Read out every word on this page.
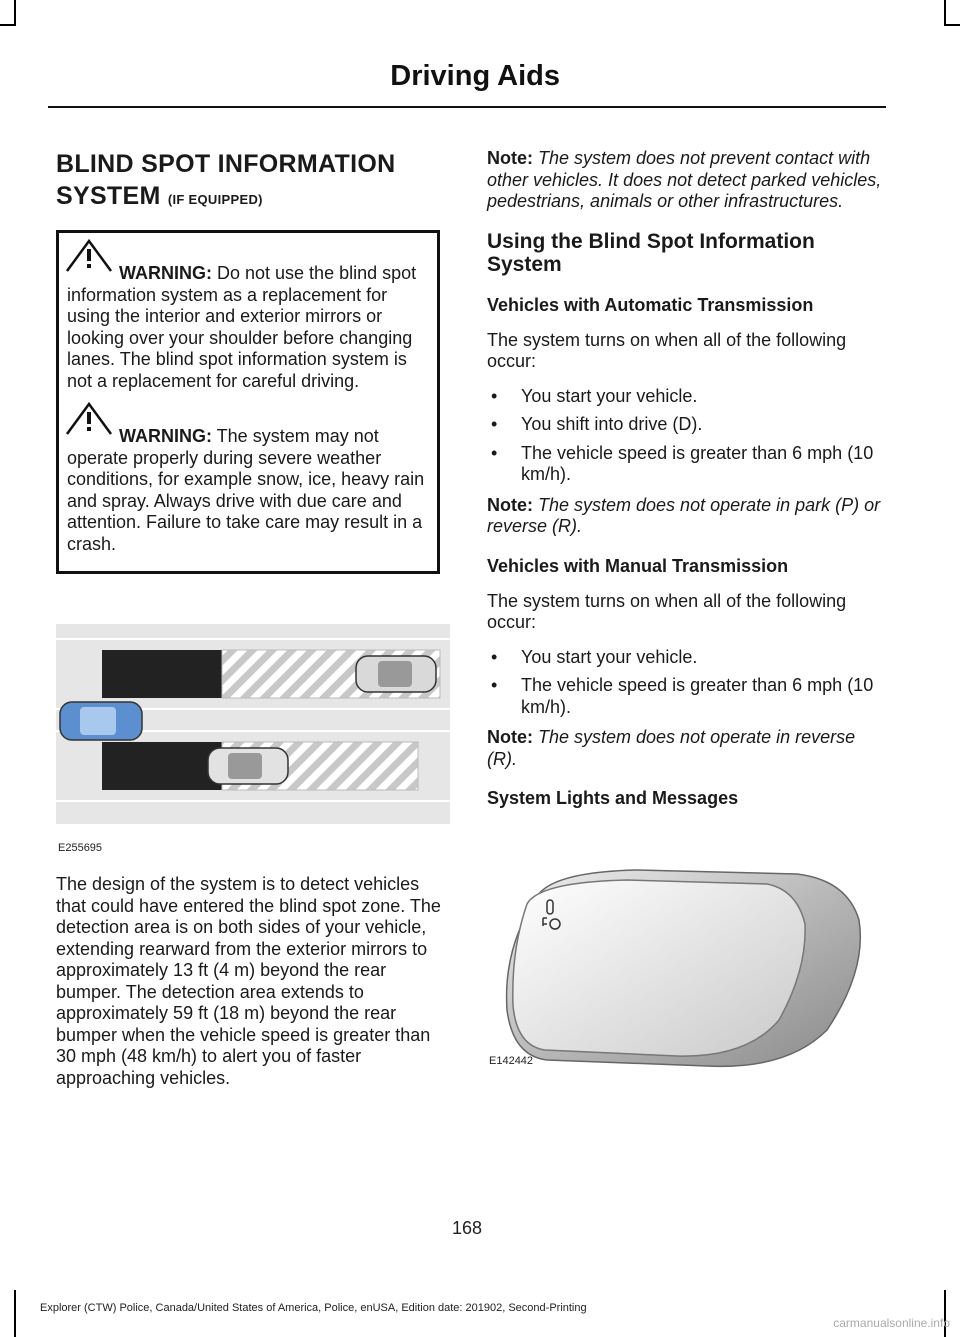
Driving Aids
BLIND SPOT INFORMATION
SYSTEM (IF EQUIPPED)

WARNING: Do not use the blind spot information system as a replacement for using the interior and exterior mirrors or looking over your shoulder before changing lanes. The blind spot information system is not a replacement for careful driving.

WARNING: The system may not operate properly during severe weather conditions, for example snow, ice, heavy rain and spray. Always drive with due care and attention. Failure to take care may result in a crash.

E255695

The design of the system is to detect vehicles that could have entered the blind spot zone. The detection area is on both sides of your vehicle, extending rearward from the exterior mirrors to approximately 13 ft (4 m) beyond the rear bumper. The detection area extends to approximately 59 ft (18 m) beyond the rear bumper when the vehicle speed is greater than 30 mph (48 km/h) to alert you of faster approaching vehicles.

Note: The system does not prevent contact with other vehicles. It does not detect parked vehicles, pedestrians, animals or other infrastructures.

Using the Blind Spot Information System
Vehicles with Automatic Transmission

The system turns on when all of the following occur:

• You start your vehicle.
• You shift into drive (D).
• The vehicle speed is greater than 6 mph (10 km/h).

Note: The system does not operate in park (P) or reverse (R).

Vehicles with Manual Transmission

The system turns on when all of the following occur:

• You start your vehicle.
• The vehicle speed is greater than 6 mph (10 km/h).

Note: The system does not operate in reverse (R).

System Lights and Messages
E142442
168
Explorer (CTW) Police, Canada/United States of America, Police, enUSA, Edition date: 201902, Second-Printing
carmanualsonline.info
